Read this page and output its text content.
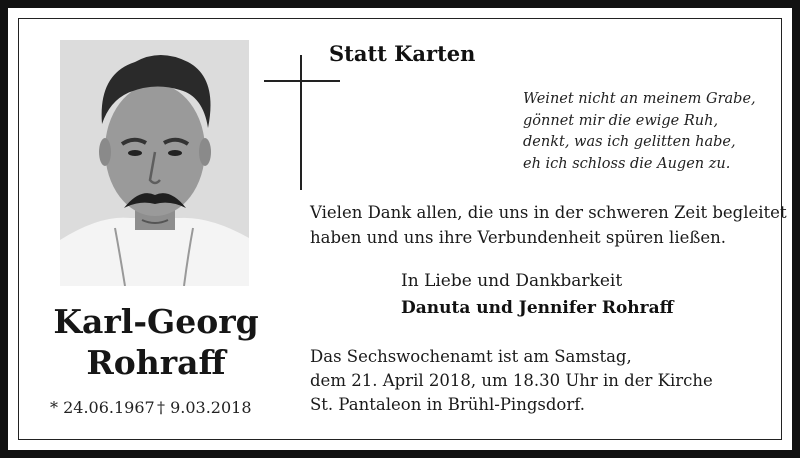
Karl-Georg
Rohraff
* 24.06.1967 † 9.03.2018
Statt Karten
Weinet nicht an meinem Grabe,
gönnet mir die ewige Ruh,
denkt, was ich gelitten habe,
eh ich schloss die Augen zu.
Vielen Dank allen, die uns in der schweren Zeit begleitet
haben und uns ihre Verbundenheit spüren ließen.
In Liebe und Dankbarkeit
Danuta und Jennifer Rohraff
Das Sechswochenamt ist am Samstag,
dem 21. April 2018, um 18.30 Uhr in der Kirche
St. Pantaleon in Brühl-Pingsdorf.
